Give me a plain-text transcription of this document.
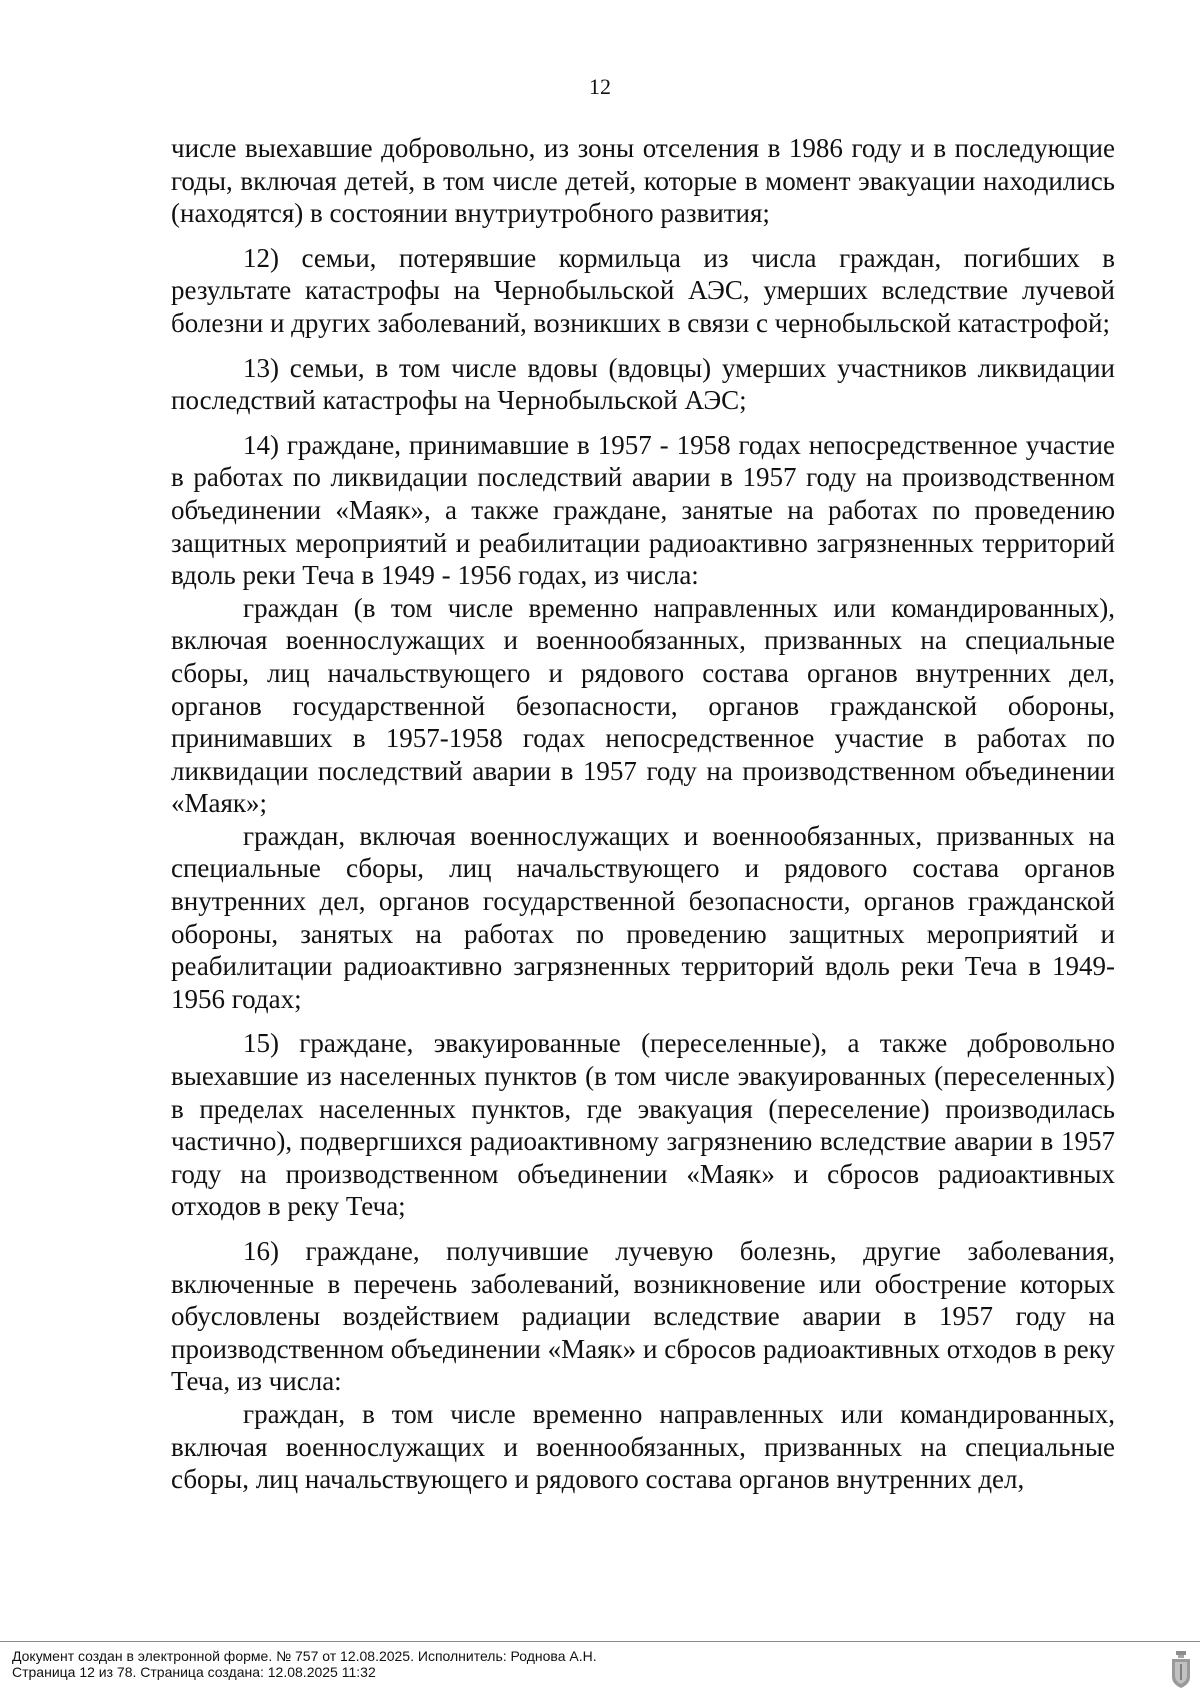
12

числе выехавшие добровольно, из зоны отселения в 1986 году и в последующие годы, включая детей, в том числе детей, которые в момент эвакуации находились (находятся) в состоянии внутриутробного развития;

12) семьи, потерявшие кормильца из числа граждан, погибших в результате катастрофы на Чернобыльской АЭС, умерших вследствие лучевой болезни и других заболеваний, возникших в связи с чернобыльской катастрофой;

13) семьи, в том числе вдовы (вдовцы) умерших участников ликвидации последствий катастрофы на Чернобыльской АЭС;

14) граждане, принимавшие в 1957 - 1958 годах непосредственное участие в работах по ликвидации последствий аварии в 1957 году на производственном объединении «Маяк», а также граждане, занятые на работах по проведению защитных мероприятий и реабилитации радиоактивно загрязненных территорий вдоль реки Теча в 1949 - 1956 годах, из числа:

граждан (в том числе временно направленных или командированных), включая военнослужащих и военнообязанных, призванных на специальные сборы, лиц начальствующего и рядового состава органов внутренних дел, органов государственной безопасности, органов гражданской обороны, принимавших в 1957-1958 годах непосредственное участие в работах по ликвидации последствий аварии в 1957 году на производственном объединении «Маяк»;

граждан, включая военнослужащих и военнообязанных, призванных на специальные сборы, лиц начальствующего и рядового состава органов внутренних дел, органов государственной безопасности, органов гражданской обороны, занятых на работах по проведению защитных мероприятий и реабилитации радиоактивно загрязненных территорий вдоль реки Теча в 1949-1956 годах;

15) граждане, эвакуированные (переселенные), а также добровольно выехавшие из населенных пунктов (в том числе эвакуированных (переселенных) в пределах населенных пунктов, где эвакуация (переселение) производилась частично), подвергшихся радиоактивному загрязнению вследствие аварии в 1957 году на производственном объединении «Маяк» и сбросов радиоактивных отходов в реку Теча;

16) граждане, получившие лучевую болезнь, другие заболевания, включенные в перечень заболеваний, возникновение или обострение которых обусловлены воздействием радиации вследствие аварии в 1957 году на производственном объединении «Маяк» и сбросов радиоактивных отходов в реку Теча, из числа:

граждан, в том числе временно направленных или командированных, включая военнослужащих и военнообязанных, призванных на специальные сборы, лиц начальствующего и рядового состава органов внутренних дел,

Документ создан в электронной форме. № 757 от 12.08.2025. Исполнитель: Роднова А.Н.
Страница 12 из 78. Страница создана: 12.08.2025 11:32
